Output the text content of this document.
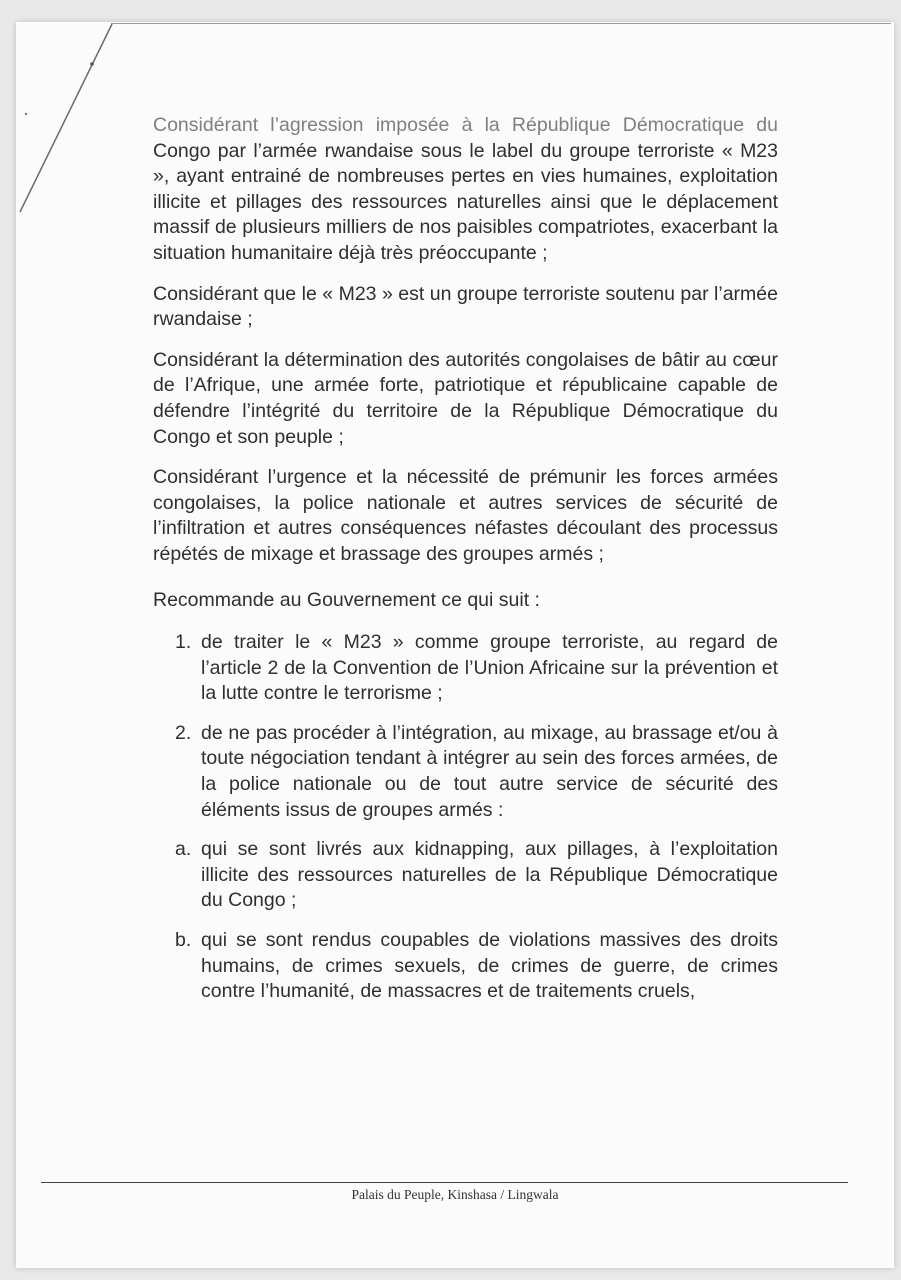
Considérant l’agression imposée à la République Démocratique du Congo par l’armée rwandaise sous le label du groupe terroriste « M23 », ayant entrainé de nombreuses pertes en vies humaines, exploitation illicite et pillages des ressources naturelles ainsi que le déplacement massif de plusieurs milliers de nos paisibles compatriotes, exacerbant la situation humanitaire déjà très préoccupante ;

Considérant que le « M23 » est un groupe terroriste soutenu par l’armée rwandaise ;

Considérant la détermination des autorités congolaises de bâtir au cœur de l’Afrique, une armée forte, patriotique et républicaine capable de défendre l’intégrité du territoire de la République Démocratique du Congo et son peuple ;

Considérant l’urgence et la nécessité de prémunir les forces armées congolaises, la police nationale et autres services de sécurité de l’infiltration et autres conséquences néfastes découlant des processus répétés de mixage et brassage des groupes armés ;

Recommande au Gouvernement ce qui suit :

1. de traiter le « M23 » comme groupe terroriste, au regard de l’article 2 de la Convention de l’Union Africaine sur la prévention et la lutte contre le terrorisme ;
2. de ne pas procéder à l’intégration, au mixage, au brassage et/ou à toute négociation tendant à intégrer au sein des forces armées, de la police nationale ou de tout autre service de sécurité des éléments issus de groupes armés :
a. qui se sont livrés aux kidnapping, aux pillages, à l’exploitation illicite des ressources naturelles de la République Démocratique du Congo ;
b. qui se sont rendus coupables de violations massives des droits humains, de crimes sexuels, de crimes de guerre, de crimes contre l’humanité, de massacres et de traitements cruels,
Palais du Peuple, Kinshasa / Lingwala
